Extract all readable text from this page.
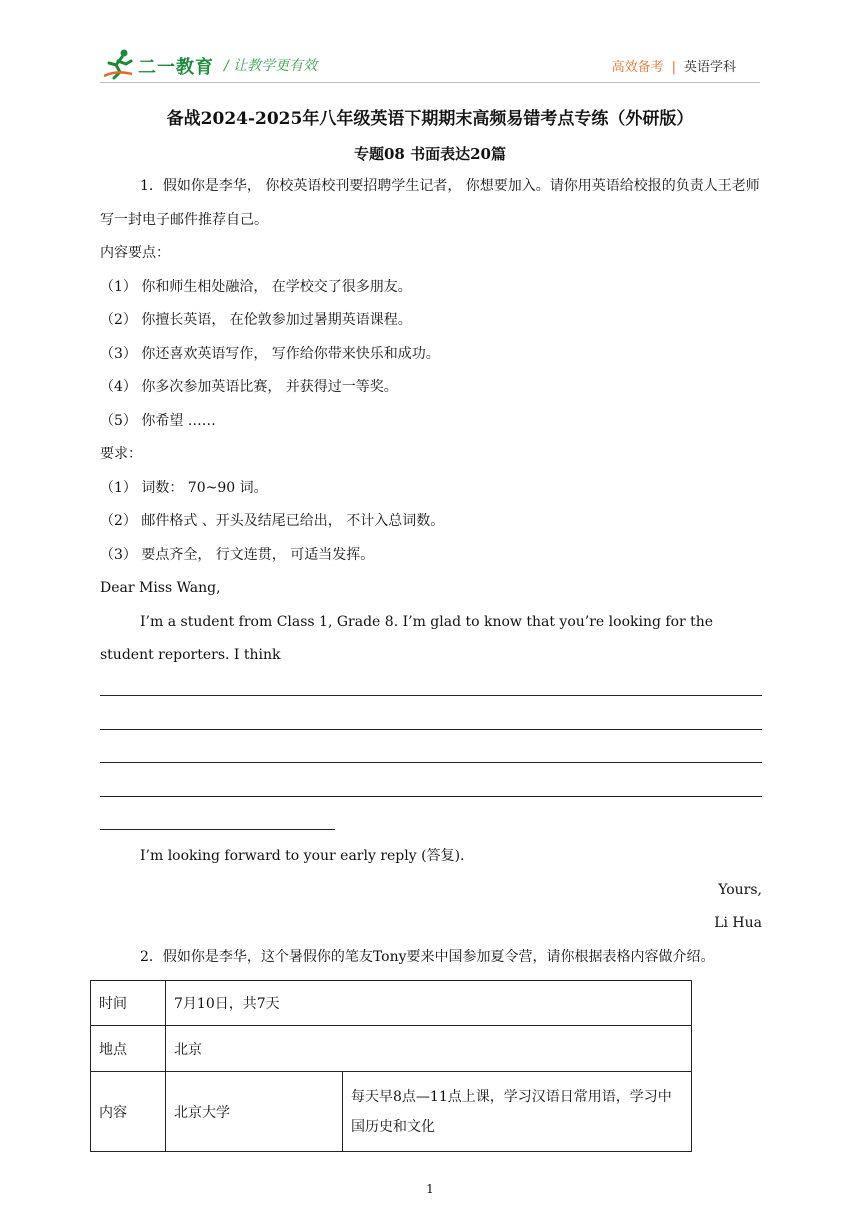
二一教育 / 让教学更有效	高效备考 | 英语学科
备战2024-2025年八年级英语下期期末高频易错考点专练（外研版）
专题08 书面表达20篇
1．假如你是李华， 你校英语校刊要招聘学生记者， 你想要加入。请你用英语给校报的负责人王老师写一封电子邮件推荐自己。
内容要点：
（1） 你和师生相处融洽， 在学校交了很多朋友。
（2） 你擅长英语， 在伦敦参加过暑期英语课程。
（3） 你还喜欢英语写作， 写作给你带来快乐和成功。
（4） 你多次参加英语比赛， 并获得过一等奖。
（5） 你希望 ……
要求：
（1） 词数： 70~90 词。
（2） 邮件格式 、开头及结尾已给出， 不计入总词数。
（3） 要点齐全， 行文连贯， 可适当发挥。
Dear Miss Wang,
I’m a student from Class 1, Grade 8. I’m glad to know that you’re looking for the student reporters. I think
I’m looking forward to your early reply (答复).
Yours,
Li Hua
2．假如你是李华，这个暑假你的笔友Tony要来中国参加夏令营，请你根据表格内容做介绍。
时间	7月10日，共7天	
地点	北京	
内容	北京大学	每天早8点—11点上课，学习汉语日常用语，学习中国历史和文化
1
